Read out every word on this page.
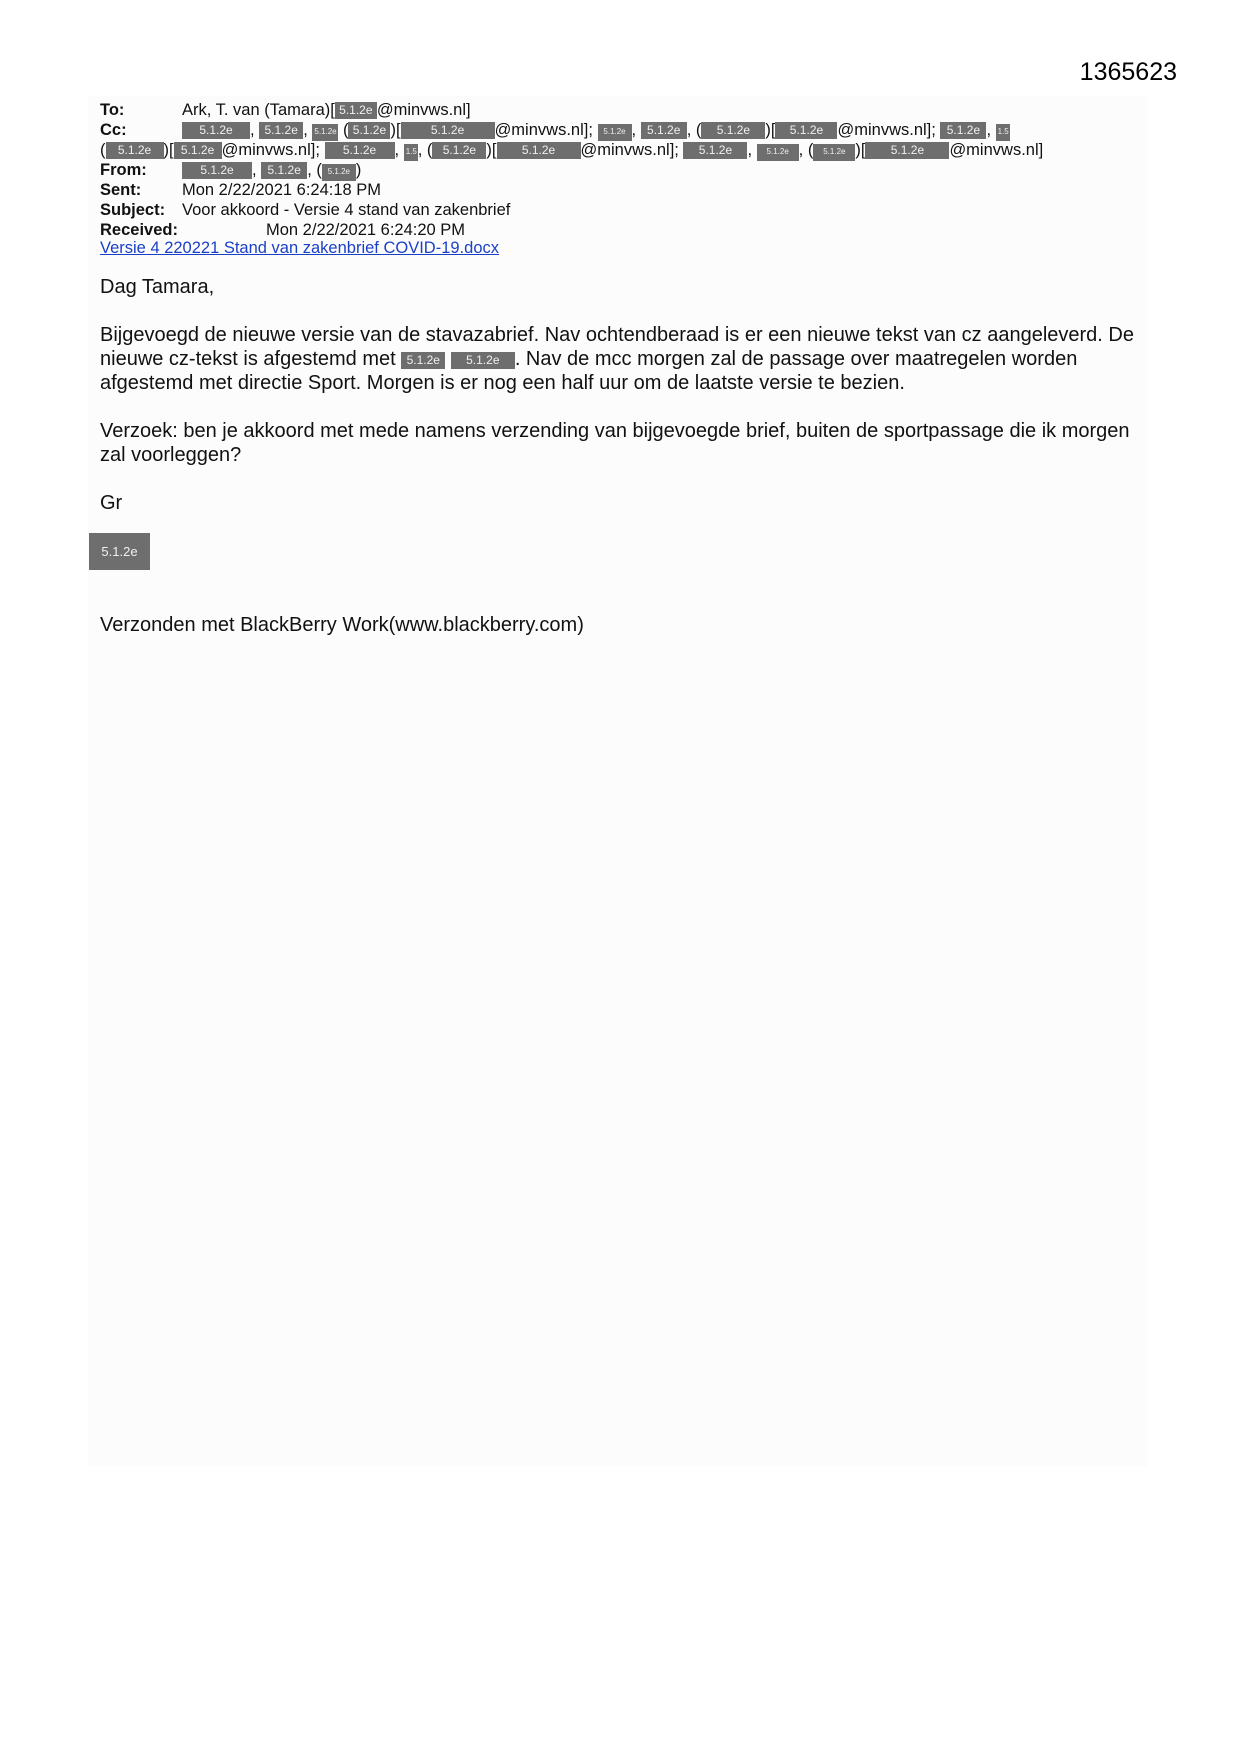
1365623
To:	Ark, T. van (Tamara)[ 5.1.2e @minvws.nl]
Cc:	5.1.2e , 5.1.2e , 5.1.2e ( 5.1.2e )[	5.1.2e @minvws.nl]; 5.1.2e , 5.1.2e , ( 5.1.2e )[ 5.1.2e @minvws.nl]; 5.1.2e , 1.5
( 5.1.2e )[ 5.1.2e @minvws.nl]; 5.1.2e , 1.5, ( 5.1.2e )[ 5.1.2e @minvws.nl]; 5.1.2e , 5.1.2e , ( 5.1.2e )[ 5.1.2e @minvws.nl]
From:	5.1.2e , 5.1.2e , ( 5.1.2e )
Sent:	Mon 2/22/2021 6:24:18 PM
Subject:	Voor akkoord - Versie 4 stand van zakenbrief
Received:	Mon 2/22/2021 6:24:20 PM
Versie 4 220221 Stand van zakenbrief COVID-19.docx

Dag Tamara,

Bijgevoegd de nieuwe versie van de stavazabrief. Nav ochtendberaad is er een nieuwe tekst van cz aangeleverd. De nieuwe cz-tekst is afgestemd met 5.1.2e 5.1.2e . Nav de mcc morgen zal de passage over maatregelen worden afgestemd met directie Sport. Morgen is er nog een half uur om de laatste versie te bezien.

Verzoek: ben je akkoord met mede namens verzending van bijgevoegde brief, buiten de sportpassage die ik morgen zal voorleggen?

Gr

5.1.2e
Verzonden met BlackBerry Work(www.blackberry.com)
